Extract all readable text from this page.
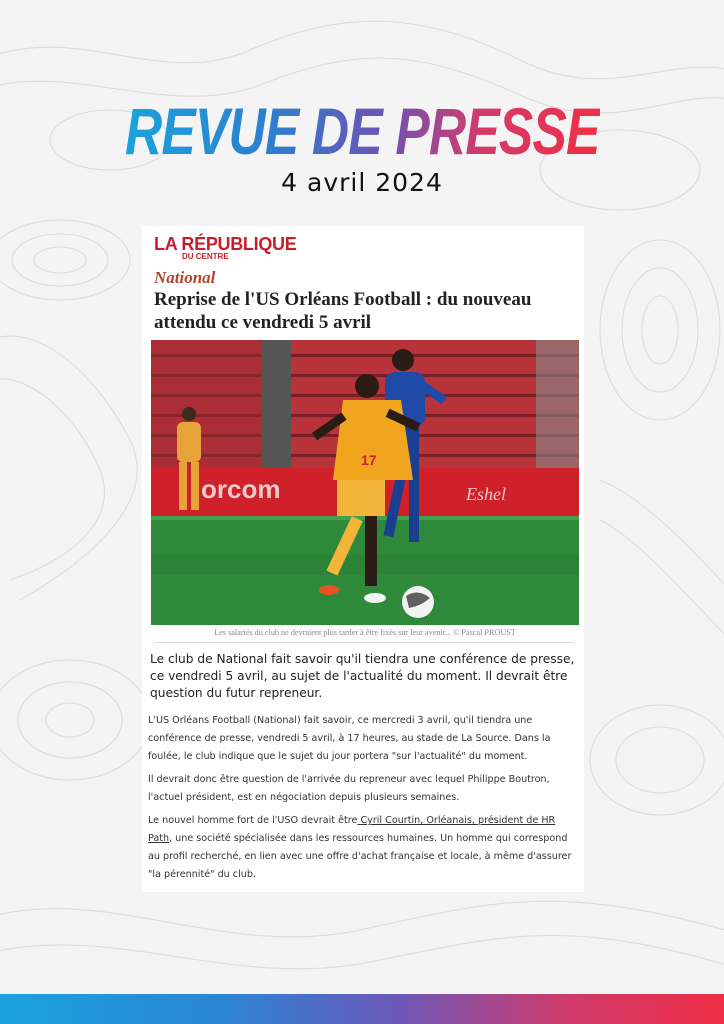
REVUE DE PRESSE
4 avril 2024
LA RÉPUBLIQUE
DU CENTRE
National
Reprise de l'US Orléans Football : du nouveau attendu ce vendredi 5 avril
orcom	Eshel
17
Les salariés du club ne devraient plus tarder à être fixés sur leur avenir... © Pascal PROUST
Le club de National fait savoir qu'il tiendra une conférence de presse, ce vendredi 5 avril, au sujet de l'actualité du moment. Il devrait être question du futur repreneur.

L'US Orléans Football (National) fait savoir, ce mercredi 3 avril, qu'il tiendra une conférence de presse, vendredi 5 avril, à 17 heures, au stade de La Source. Dans la foulée, le club indique que le sujet du jour portera "sur l'actualité" du moment.

Il devrait donc être question de l'arrivée du repreneur avec lequel Philippe Boutron, l'actuel président, est en négociation depuis plusieurs semaines.

Le nouvel homme fort de l'USO devrait être Cyril Courtin, Orléanais, président de HR Path, une société spécialisée dans les ressources humaines. Un homme qui correspond au profil recherché, en lien avec une offre d'achat française et locale, à même d'assurer "la pérennité" du club.
